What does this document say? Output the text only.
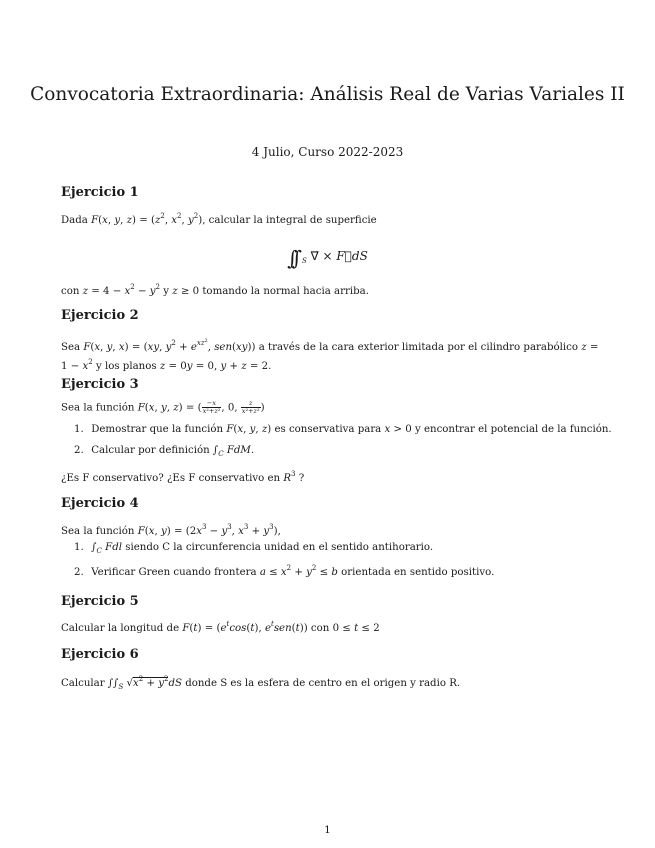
Convocatoria Extraordinaria: Análisis Real de Varias Variales II
4 Julio, Curso 2022-2023
Ejercicio 1
Dada F(x, y, $z) = (z^2$, $x^2$, $y^2$), calcular la integral de superficie
∫∫ $_S$ ∇⃗ × F⃗dS
con $z = 4 - x^2 - y^2$ y z ≥ 0 tomando la normal hacia arriba.
Ejercicio 2
Sea F(x, y, x) = (xy, $y^2 + e^{xz^2}$, sen(xy)) a través de la cara exterior limitada por el cilindro parabólico $z = 1 - x^2$ y los planos z = 0y = 0, y + z = 2.
Ejercicio 3
Sea la función F(x, y, z) = ( $\frac{-x}{\text{x²+z²}}$ , 0, $\frac{z}{\text{x²+z²}}$ )
1. Demostrar que la función F(x, y, z) es conservativa para x > 0 y encontrar el potencial de la función.
2. Calcular por definición $\int_C$ FdM.
¿Es F conservativo? ¿Es F conservativo en $R^3$ ?
Ejercicio 4
Sea la función F(x, $y) = (2x^3 - y^3$, $x^3 + y^3$),
1. $\int_C$ Fdl siendo C la circunferencia unidad en el sentido antihorario.
2. Verificar Green cuando frontera $a \le x^2 + y^2 \le b$ orientada en sentido positivo.
Ejercicio 5
Calcular la longitud de $F(t) = (e^t\cos(t)$, $e^tsen(t)$) con 0 ≤ t ≤ 2
Ejercicio 6
Calcular $\int\int_S$ $√x^2 + y^2dS$ donde S es la esfera de centro en el origen y radio R.
1
